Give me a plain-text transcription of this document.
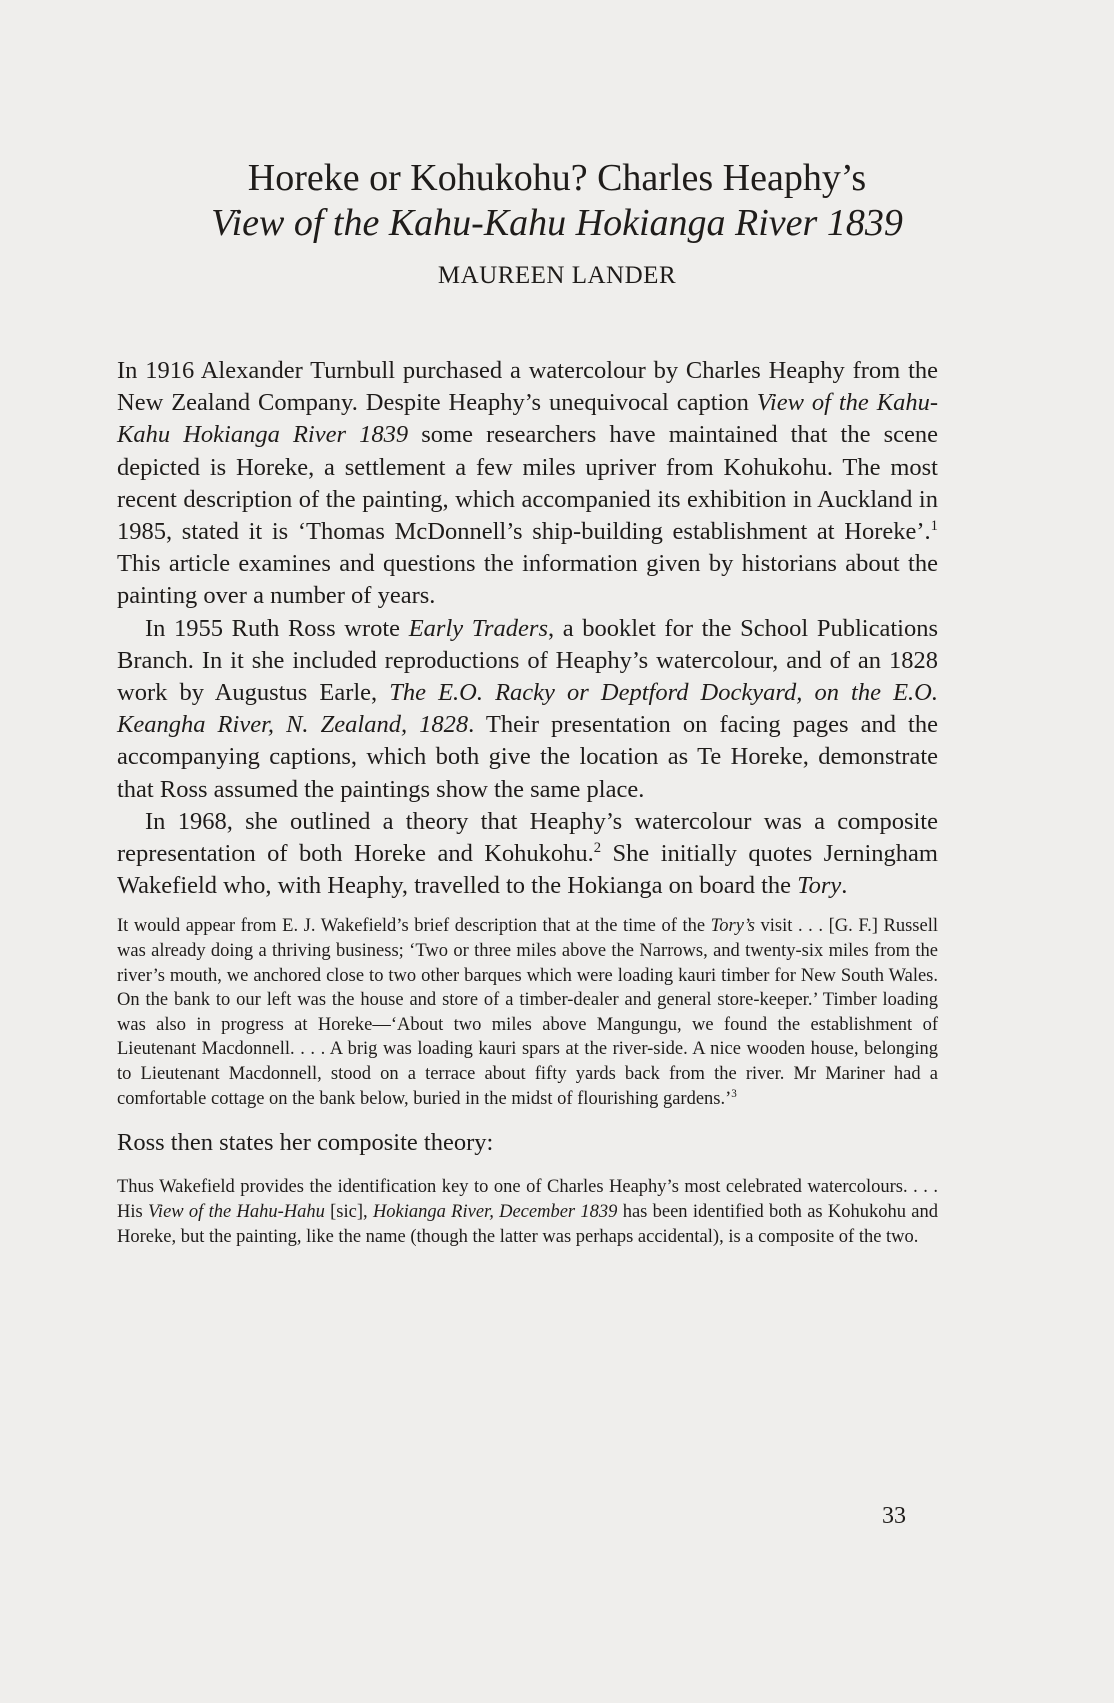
Horeke or Kohukohu? Charles Heaphy’s

View of the Kahu-Kahu Hokianga River 1839
MAUREEN LANDER

In 1916 Alexander Turnbull purchased a watercolour by Charles Heaphy from the New Zealand Company. Despite Heaphy’s unequivocal caption View of the Kahu-Kahu Hokianga River 1839 some researchers have maintained that the scene depicted is Horeke, a settlement a few miles upriver from Kohukohu. The most recent description of the painting, which accompanied its exhibition in Auckland in 1985, stated it is ‘Thomas McDonnell’s ship-building establishment at Horeke’.$^1$ This article examines and questions the information given by historians about the painting over a number of years.

In 1955 Ruth Ross wrote Early Traders, a booklet for the School Publications Branch. In it she included reproductions of Heaphy’s watercolour, and of an 1828 work by Augustus Earle, The E.O. Racky or Deptford Dockyard, on the E.O. Keangha River, N. Zealand, 1828. Their presentation on facing pages and the accompanying captions, which both give the location as Te Horeke, demonstrate that Ross assumed the paintings show the same place.

In 1968, she outlined a theory that Heaphy’s watercolour was a composite representation of both Horeke and Kohukohu.$^2$ She initially quotes Jerningham Wakefield who, with Heaphy, travelled to the Hokianga on board the Tory.

It would appear from E. J. Wakefield’s brief description that at the time of the Tory’s visit . . . [G. F.] Russell was already doing a thriving business; ‘Two or three miles above the Narrows, and twenty-six miles from the river’s mouth, we anchored close to two other barques which were loading kauri timber for New South Wales. On the bank to our left was the house and store of a timber-dealer and general store-keeper.’ Timber loading was also in progress at Horeke—‘About two miles above Mangungu, we found the establishment of Lieutenant Macdonnell. . . . A brig was loading kauri spars at the river-side. A nice wooden house, belonging to Lieutenant Macdonnell, stood on a terrace about fifty yards back from the river. Mr Mariner had a comfortable cottage on the bank below, buried in the midst of flourishing gardens.’$^3$

Ross then states her composite theory:

Thus Wakefield provides the identification key to one of Charles Heaphy’s most celebrated watercolours. . . . His View of the Hahu-Hahu [sic], Hokianga River, December 1839 has been identified both as Kohukohu and Horeke, but the painting, like the name (though the latter was perhaps accidental), is a composite of the two.

33
